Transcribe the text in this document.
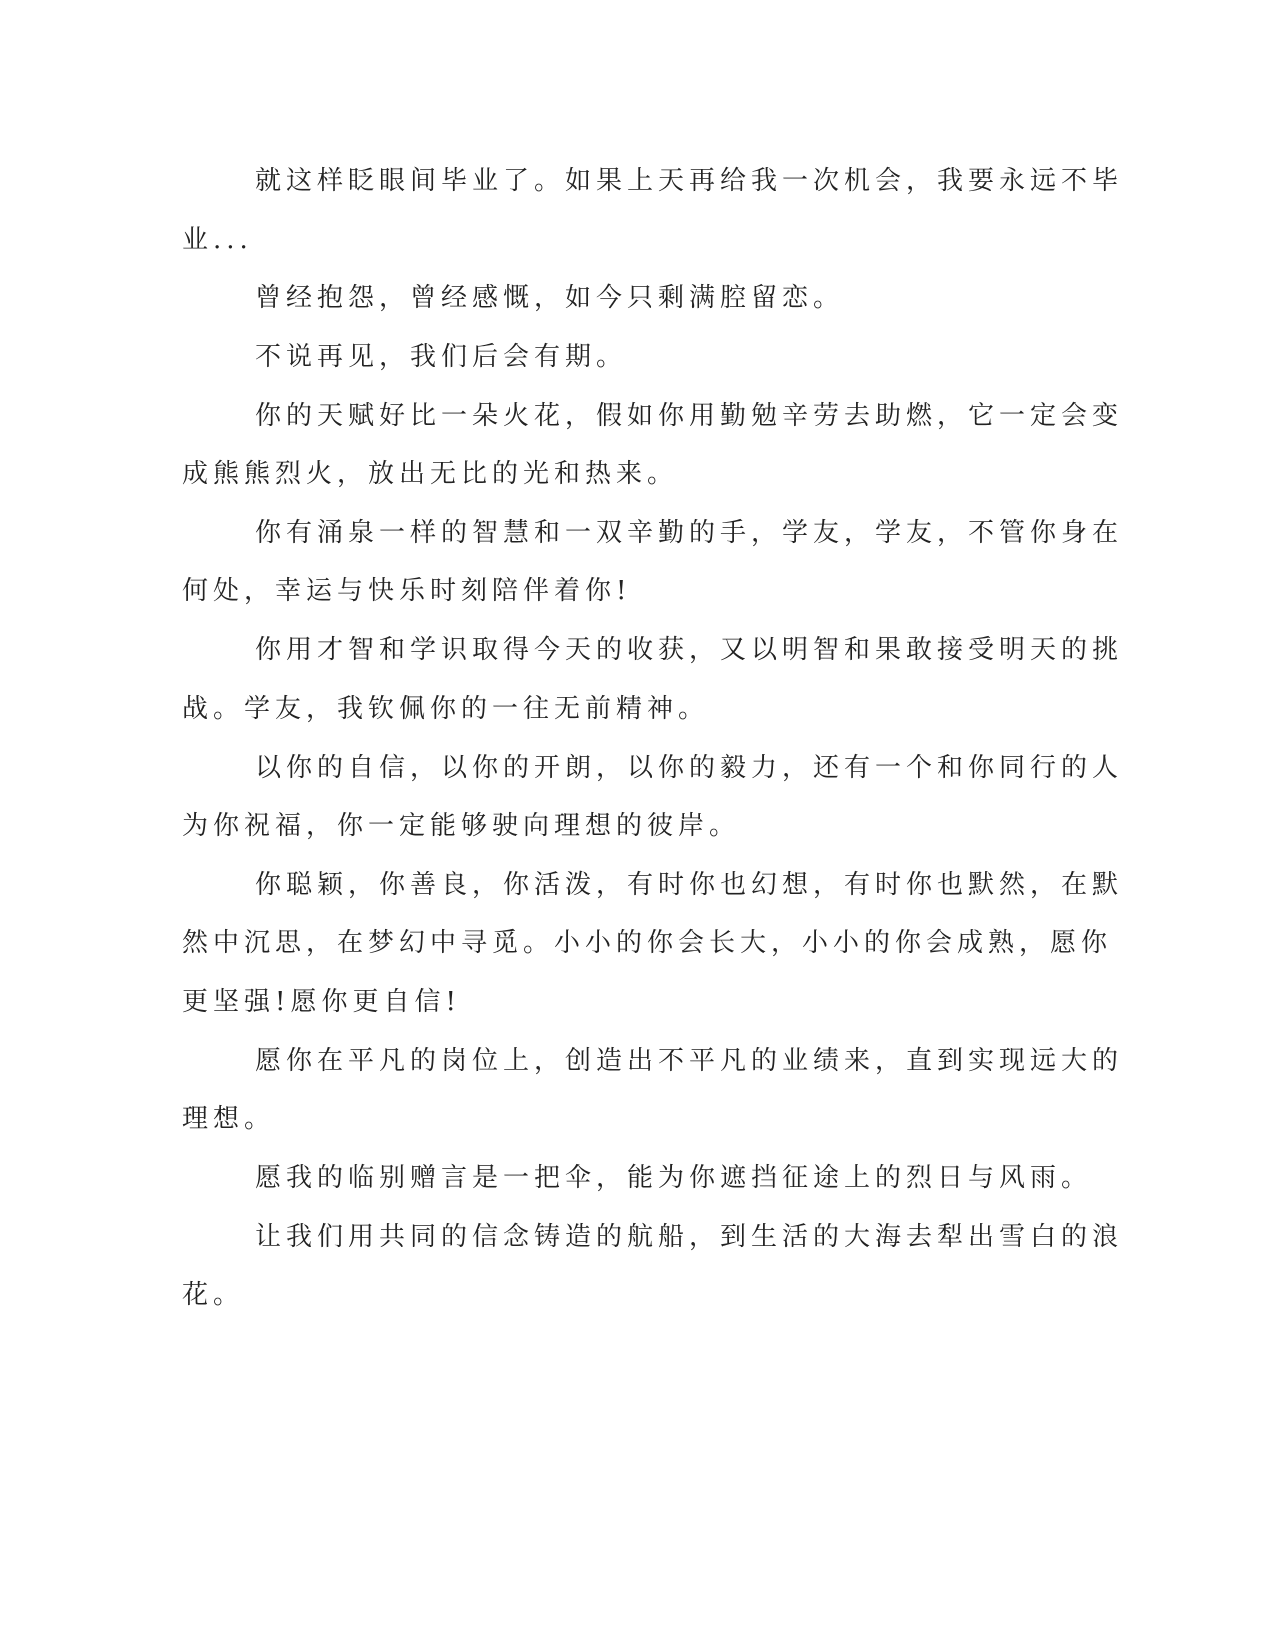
就这样眨眼间毕业了。如果上天再给我一次机会，我要永远不毕
业...
曾经抱怨，曾经感慨，如今只剩满腔留恋。
不说再见，我们后会有期。
你的天赋好比一朵火花，假如你用勤勉辛劳去助燃，它一定会变
成熊熊烈火，放出无比的光和热来。
你有涌泉一样的智慧和一双辛勤的手，学友，学友，不管你身在
何处，幸运与快乐时刻陪伴着你!
你用才智和学识取得今天的收获，又以明智和果敢接受明天的挑
战。学友，我钦佩你的一往无前精神。
以你的自信，以你的开朗，以你的毅力，还有一个和你同行的人
为你祝福，你一定能够驶向理想的彼岸。
你聪颖，你善良，你活泼，有时你也幻想，有时你也默然，在默
然中沉思，在梦幻中寻觅。小小的你会长大，小小的你会成熟，愿你
更坚强!愿你更自信!
愿你在平凡的岗位上，创造出不平凡的业绩来，直到实现远大的
理想。
愿我的临别赠言是一把伞，能为你遮挡征途上的烈日与风雨。
让我们用共同的信念铸造的航船，到生活的大海去犁出雪白的浪
花。
